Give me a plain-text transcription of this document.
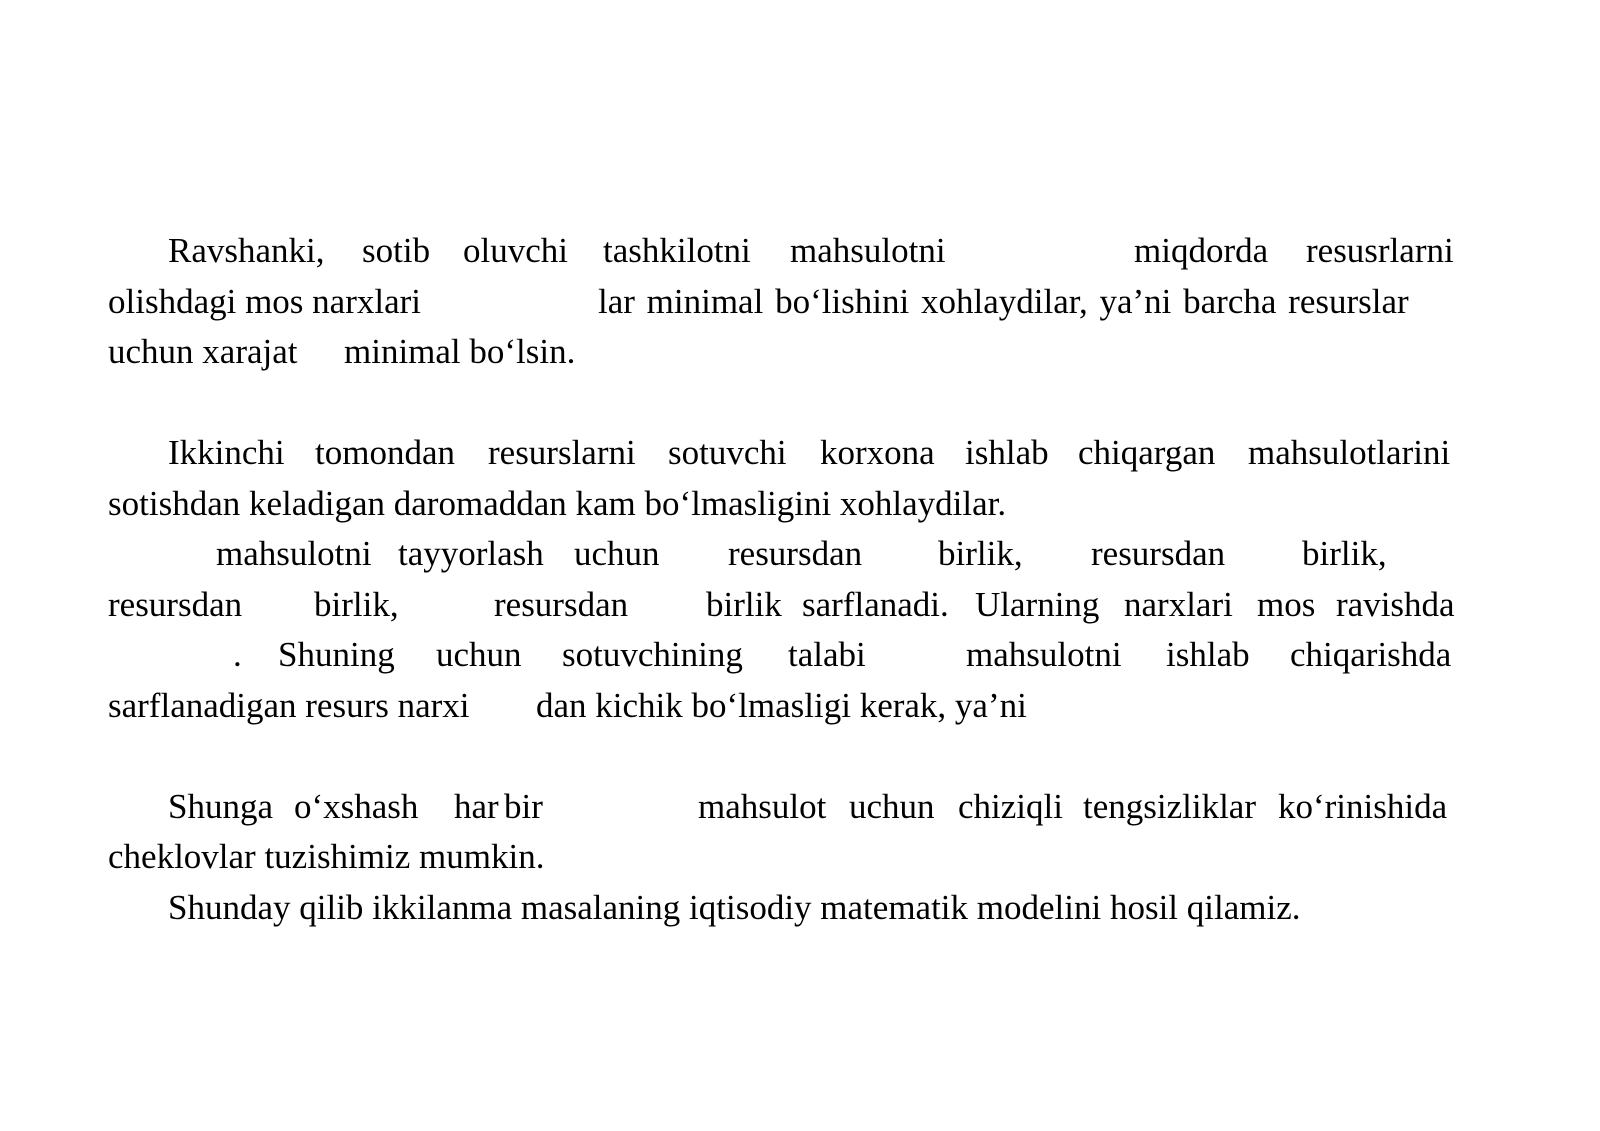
Ravshanki, sotib oluvchi tashkilotni mahsulotni	miqdorda resusrlarni
olishdagi mos narxlari	lar minimal bo‘lishini xohlaydilar, ya’ni barcha resurslar
uchun xarajat minimal bo‘lsin.
Ikkinchi tomondan resurslarni sotuvchi korxona ishlab chiqargan mahsulotlarini
sotishdan keladigan daromaddan kam bo‘lmasligini xohlaydilar.
mahsulotni tayyorlash uchun resursdan birlik, resursdan birlik,
resursdan birlik,	resursdan birlik sarflanadi. Ularning narxlari mos ravishda
. Shuning uchun sotuvchining talabi	mahsulotni ishlab chiqarishda
sarflanadigan resurs narxi dan kichik bo‘lmasligi kerak, ya’ni
Shunga o‘xshash har bir	mahsulot uchun chiziqli tengsizliklar ko‘rinishida
cheklovlar tuzishimiz mumkin.
Shunday qilib ikkilanma masalaning iqtisodiy matematik modelini hosil qilamiz.
